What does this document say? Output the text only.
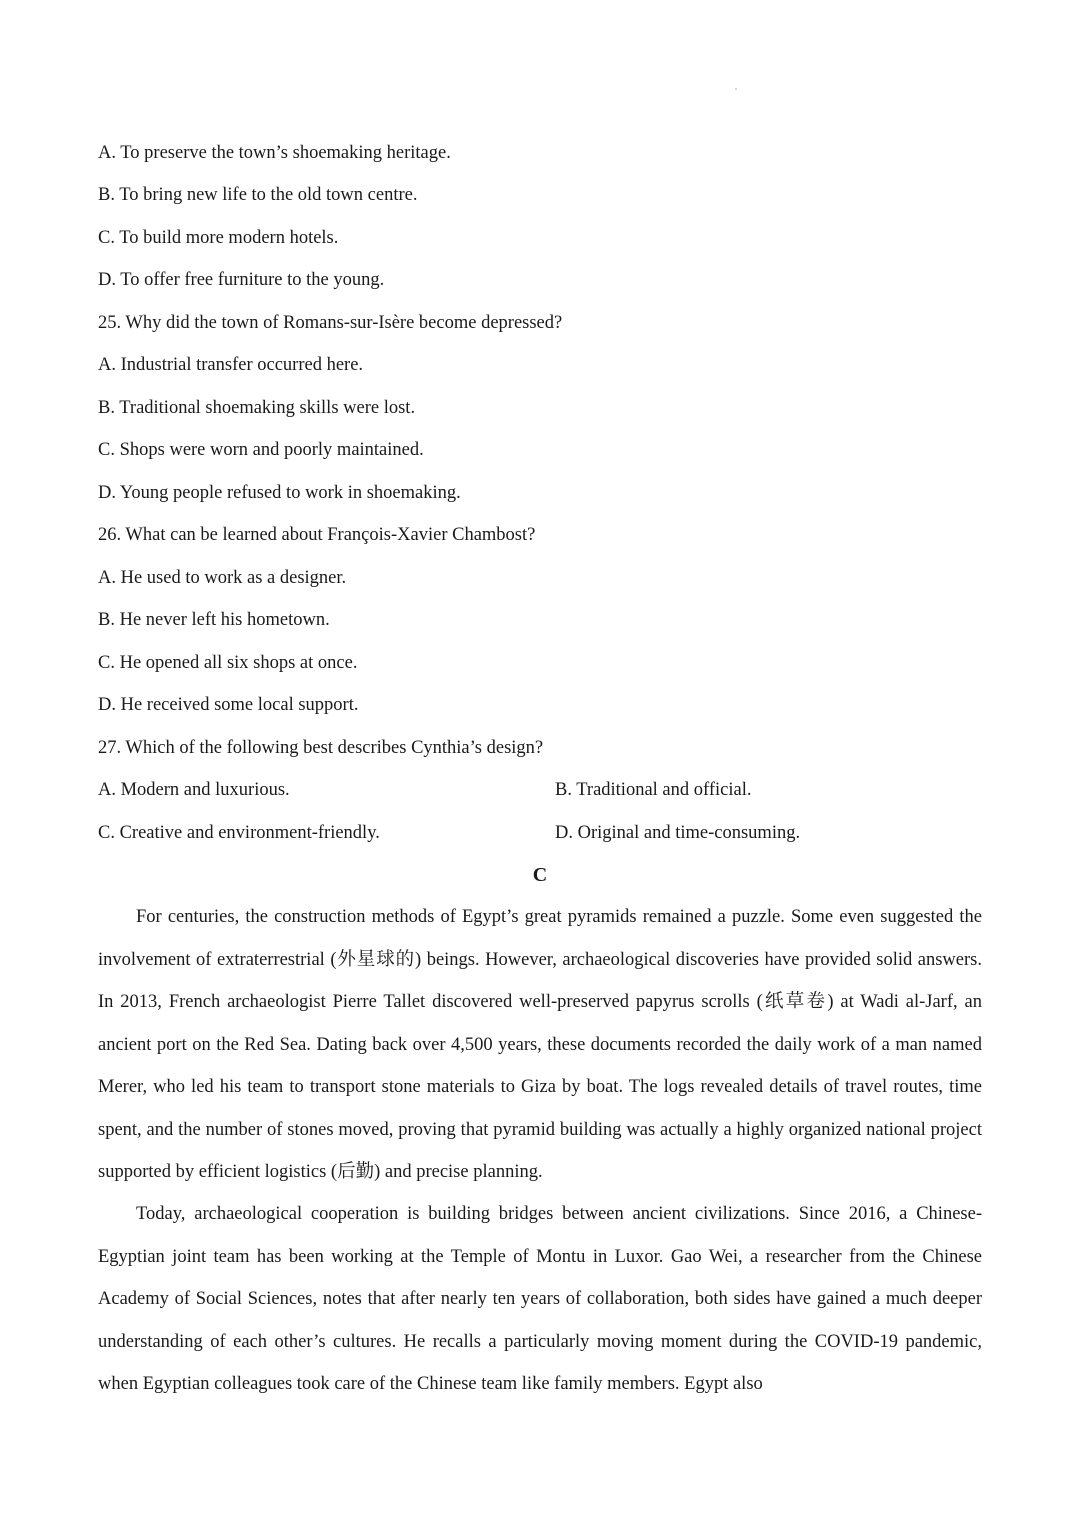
A. To preserve the town’s shoemaking heritage.
B. To bring new life to the old town centre.
C. To build more modern hotels.
D. To offer free furniture to the young.
25. Why did the town of Romans-sur-Isère become depressed?
A. Industrial transfer occurred here.
B. Traditional shoemaking skills were lost.
C. Shops were worn and poorly maintained.
D. Young people refused to work in shoemaking.
26. What can be learned about François-Xavier Chambost?
A. He used to work as a designer.
B. He never left his hometown.
C. He opened all six shops at once.
D. He received some local support.
27. Which of the following best describes Cynthia’s design?
A. Modern and luxurious.	B. Traditional and official.
C. Creative and environment-friendly.	D. Original and time-consuming.
C

For centuries, the construction methods of Egypt’s great pyramids remained a puzzle. Some even suggested the involvement of extraterrestrial (外星球的) beings. However, archaeological discoveries have provided solid answers. In 2013, French archaeologist Pierre Tallet discovered well-preserved papyrus scrolls (纸草卷) at Wadi al-Jarf, an ancient port on the Red Sea. Dating back over 4,500 years, these documents recorded the daily work of a man named Merer, who led his team to transport stone materials to Giza by boat. The logs revealed details of travel routes, time spent, and the number of stones moved, proving that pyramid building was actually a highly organized national project supported by efficient logistics (后勤) and precise planning.

Today, archaeological cooperation is building bridges between ancient civilizations. Since 2016, a Chinese-Egyptian joint team has been working at the Temple of Montu in Luxor. Gao Wei, a researcher from the Chinese Academy of Social Sciences, notes that after nearly ten years of collaboration, both sides have gained a much deeper understanding of each other’s cultures. He recalls a particularly moving moment during the COVID-19 pandemic, when Egyptian colleagues took care of the Chinese team like family members. Egypt also
